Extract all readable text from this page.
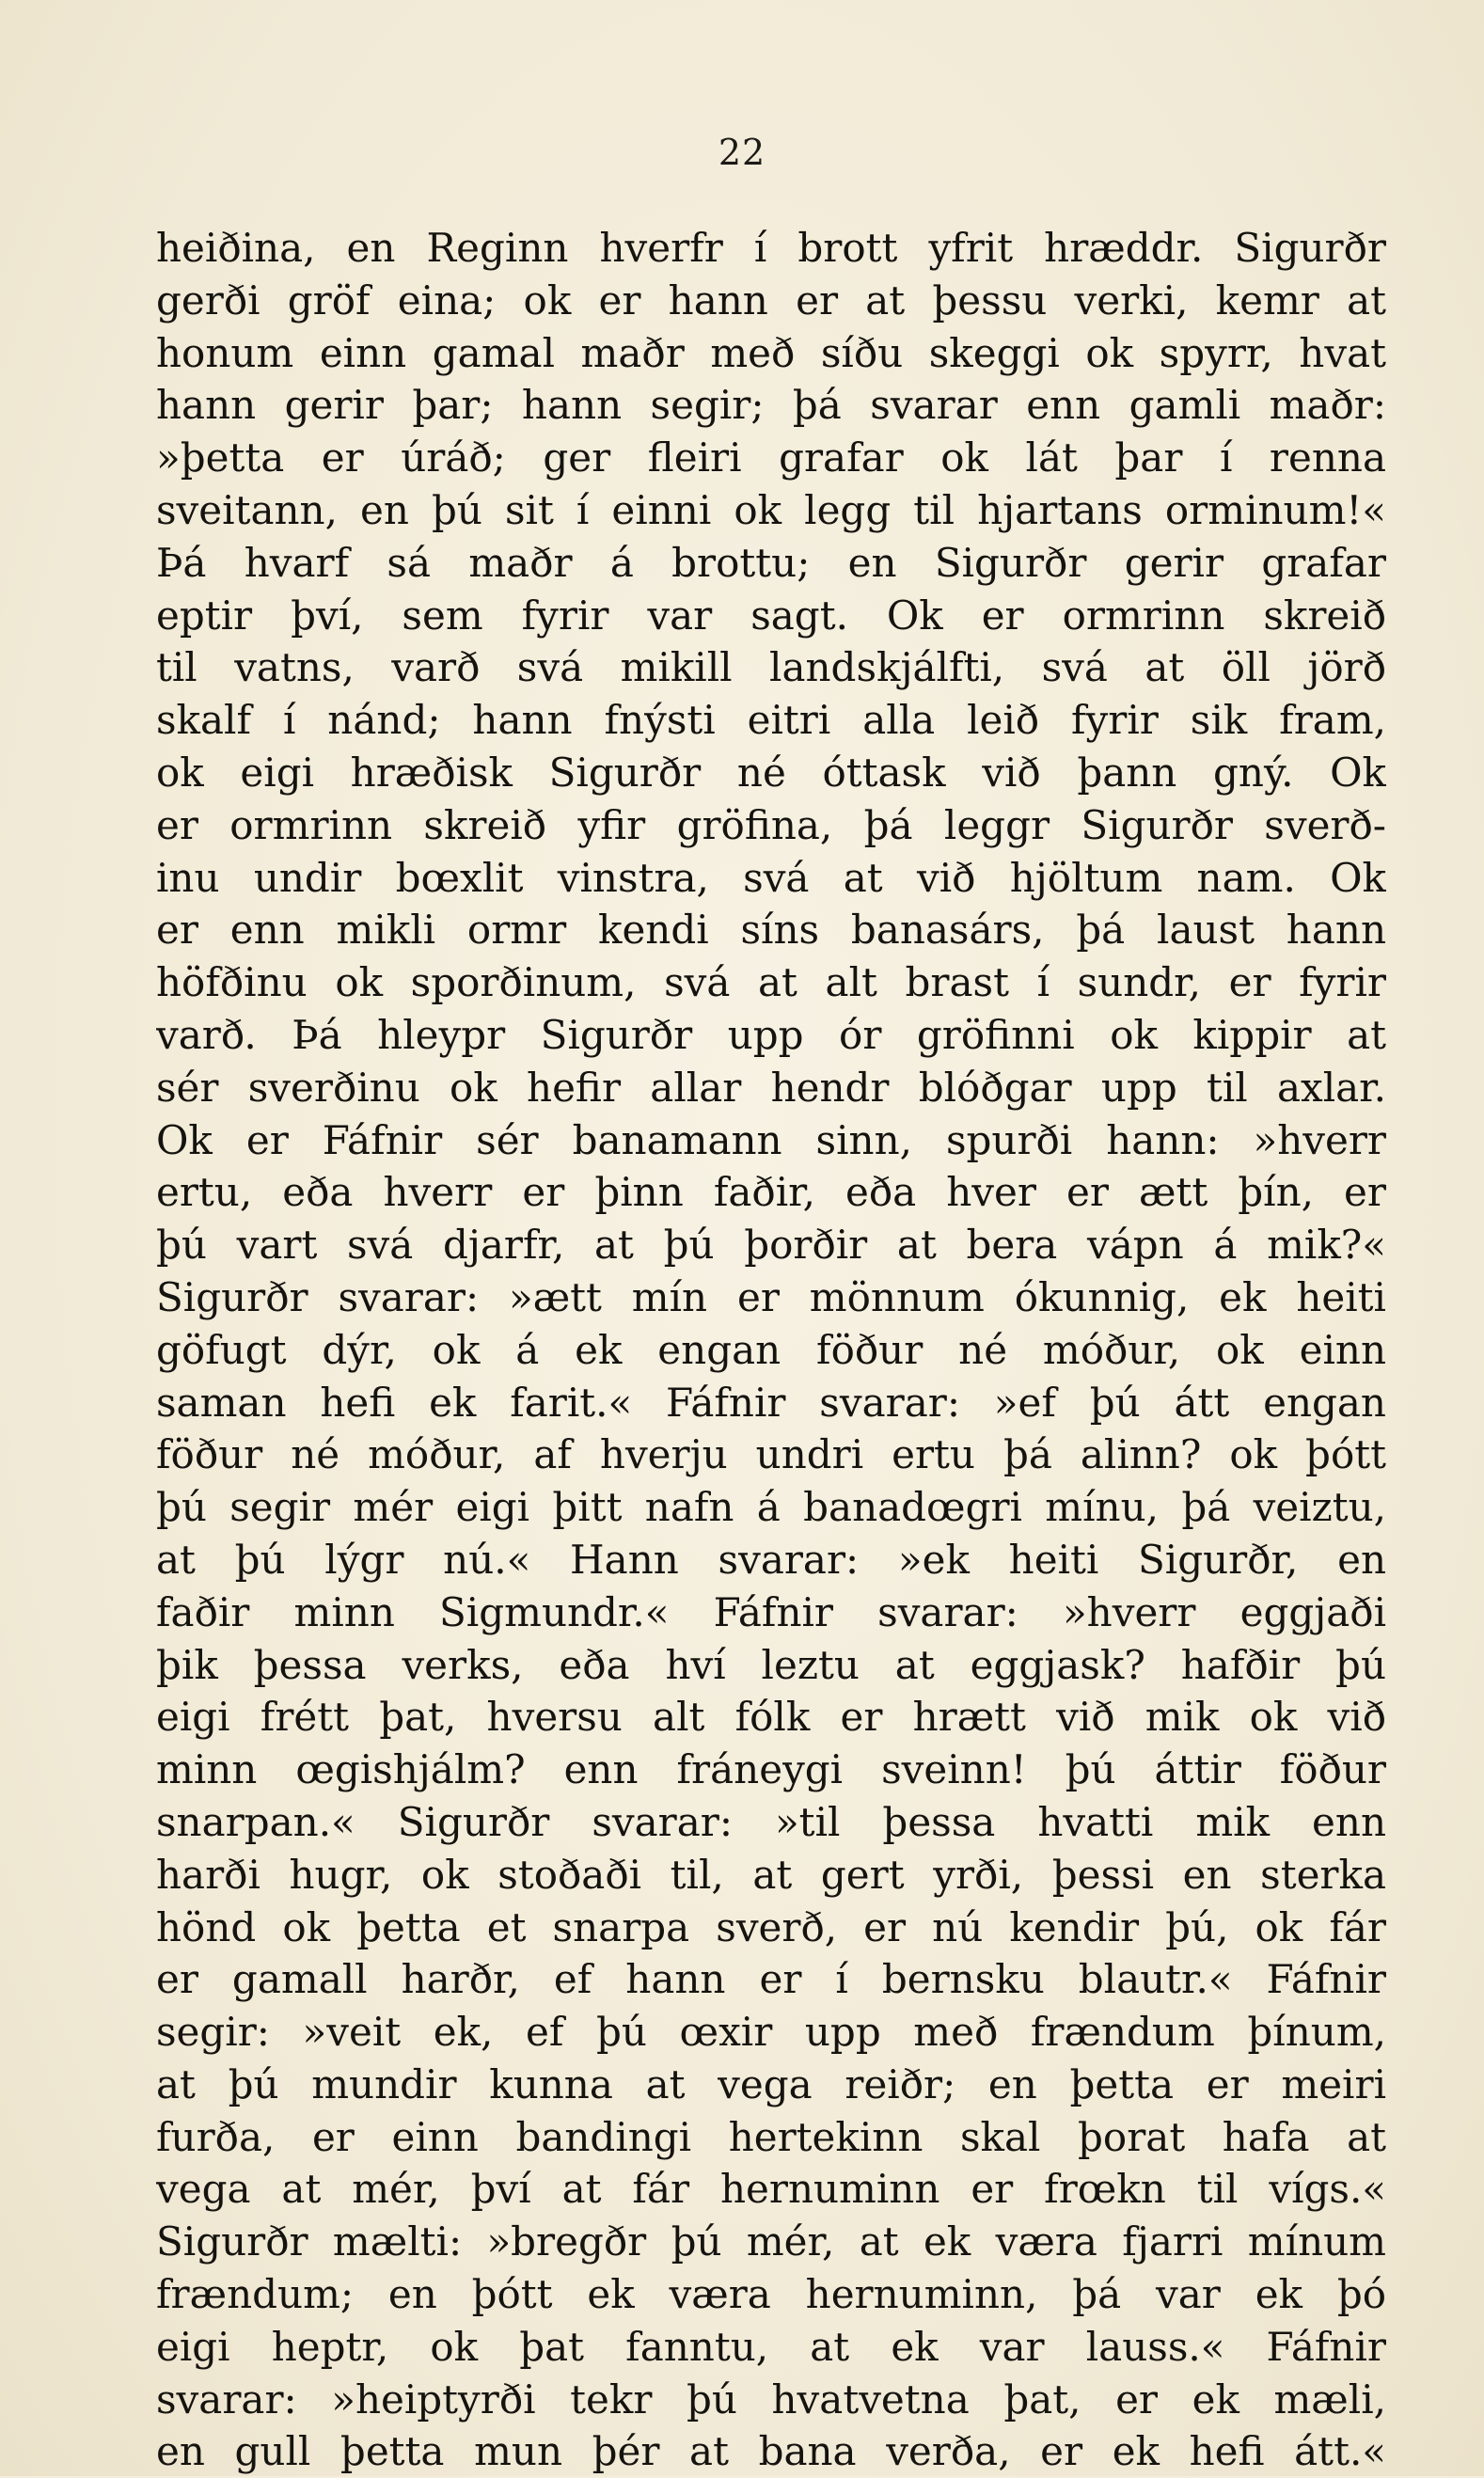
22
heiðina, en Reginn hverfr í brott yfrit hræddr. Sigurðr
gerði gröf eina; ok er hann er at þessu verki, kemr at
honum einn gamal maðr með síðu skeggi ok spyrr, hvat
hann gerir þar; hann segir; þá svarar enn gamli maðr:
»þetta er úráð; ger fleiri grafar ok lát þar í renna
sveitann, en þú sit í einni ok legg til hjartans orminum!«
Þá hvarf sá maðr á brottu; en Sigurðr gerir grafar
eptir því, sem fyrir var sagt. Ok er ormrinn skreið
til vatns, varð svá mikill landskjálfti, svá at öll jörð
skalf í nánd; hann fnýsti eitri alla leið fyrir sik fram,
ok eigi hræðisk Sigurðr né óttask við þann gný. Ok
er ormrinn skreið yfir gröfina, þá leggr Sigurðr sverð-
inu undir bœxlit vinstra, svá at við hjöltum nam. Ok
er enn mikli ormr kendi síns banasárs, þá laust hann
höfðinu ok sporðinum, svá at alt brast í sundr, er fyrir
varð. Þá hleypr Sigurðr upp ór gröfinni ok kippir at
sér sverðinu ok hefir allar hendr blóðgar upp til axlar.
Ok er Fáfnir sér banamann sinn, spurði hann: »hverr
ertu, eða hverr er þinn faðir, eða hver er ætt þín, er
þú vart svá djarfr, at þú þorðir at bera vápn á mik?«
Sigurðr svarar: »ætt mín er mönnum ókunnig, ek heiti
göfugt dýr, ok á ek engan föður né móður, ok einn
saman hefi ek farit.« Fáfnir svarar: »ef þú átt engan
föður né móður, af hverju undri ertu þá alinn? ok þótt
þú segir mér eigi þitt nafn á banadœgri mínu, þá veiztu,
at þú lýgr nú.« Hann svarar: »ek heiti Sigurðr, en
faðir minn Sigmundr.« Fáfnir svarar: »hverr eggjaði
þik þessa verks, eða hví leztu at eggjask? hafðir þú
eigi frétt þat, hversu alt fólk er hrætt við mik ok við
minn œgishjálm? enn fráneygi sveinn! þú áttir föður
snarpan.« Sigurðr svarar: »til þessa hvatti mik enn
harði hugr, ok stoðaði til, at gert yrði, þessi en sterka
hönd ok þetta et snarpa sverð, er nú kendir þú, ok fár
er gamall harðr, ef hann er í bernsku blautr.« Fáfnir
segir: »veit ek, ef þú œxir upp með frændum þínum,
at þú mundir kunna at vega reiðr; en þetta er meiri
furða, er einn bandingi hertekinn skal þorat hafa at
vega at mér, því at fár hernuminn er frœkn til vígs.«
Sigurðr mælti: »bregðr þú mér, at ek væra fjarri mínum
frændum; en þótt ek væra hernuminn, þá var ek þó
eigi heptr, ok þat fanntu, at ek var lauss.« Fáfnir
svarar: »heiptyrði tekr þú hvatvetna þat, er ek mæli,
en gull þetta mun þér at bana verða, er ek hefi átt.«
